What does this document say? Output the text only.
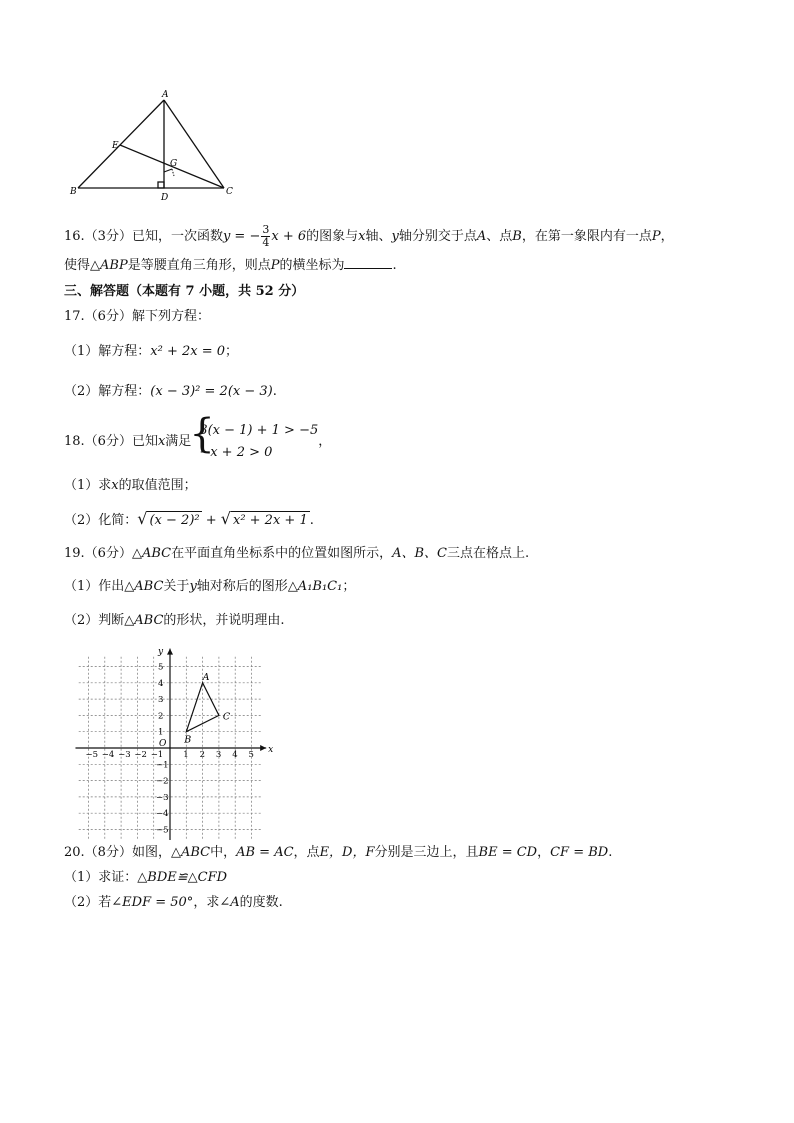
A
B	C
D
E
G
16.（3分）已知，一次函数y = − $\frac{3}{4}$ x + 6的图象与x轴、y轴分别交于点A、点B，在第一象限内有一点P，
使得△ABP是等腰直角三角形，则点P的横坐标为	.
三、解答题（本题有 7 小题，共 52 分）
17.（6分）解下列方程：
（1）解方程：x² + 2x = 0；
（2）解方程：(x − 3)² = 2(x − 3).
18.（6分）已知x满足
{
3(x − 1) + 1 > −5
−x + 2 > 0
，
（1）求x的取值范围；
（2）化简：√ (x − 2)² + √ x² + 2x + 1 .
19.（6分）△ABC在平面直角坐标系中的位置如图所示，A、B、C三点在格点上.
（1）作出△ABC关于y轴对称后的图形△A₁B₁C₁；
（2）判断△ABC的形状，并说明理由.
x
y
O
−5 −4 −3 −2 −1 1 2 3 4 5
5
4
3
2
1
−1
−2
−3
−4
−5
A
B
C
20.（8分）如图，△ABC中，AB = AC，点E，D，F分别是三边上，且BE = CD，CF = BD.
（1）求证：△BDE≌△CFD
（2）若∠EDF = 50°，求∠A的度数.
